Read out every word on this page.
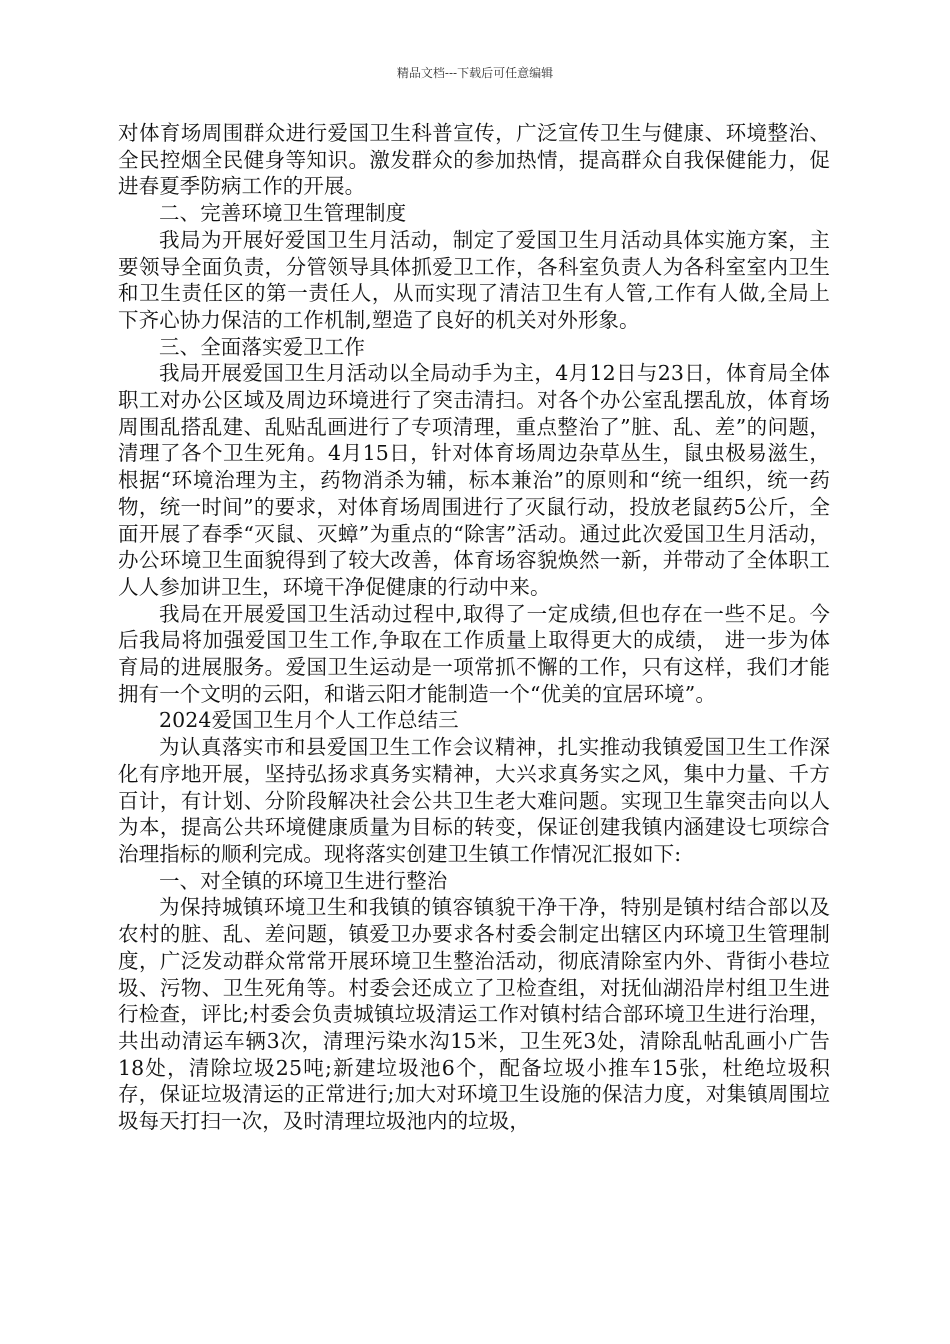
精品文档---下载后可任意编辑

对体育场周围群众进行爱国卫生科普宣传，广泛宣传卫生与健康、环境整治、全民控烟全民健身等知识。激发群众的参加热情，提高群众自我保健能力，促进春夏季防病工作的开展。

二、完善环境卫生管理制度

我局为开展好爱国卫生月活动，制定了爱国卫生月活动具体实施方案，主要领导全面负责，分管领导具体抓爱卫工作，各科室负责人为各科室室内卫生和卫生责任区的第一责任人，从而实现了清洁卫生有人管,工作有人做,全局上下齐心协力保洁的工作机制,塑造了良好的机关对外形象。

三、全面落实爱卫工作

我局开展爱国卫生月活动以全局动手为主，4月12日与23日，体育局全体职工对办公区域及周边环境进行了突击清扫。对各个办公室乱摆乱放，体育场周围乱搭乱建、乱贴乱画进行了专项清理，重点整治了”脏、乱、差”的问题，清理了各个卫生死角。4月15日，针对体育场周边杂草丛生，鼠虫极易滋生，根据“环境治理为主，药物消杀为辅，标本兼治”的原则和“统一组织，统一药物，统一时间”的要求，对体育场周围进行了灭鼠行动，投放老鼠药5公斤，全面开展了春季“灭鼠、灭蟑”为重点的“除害”活动。通过此次爱国卫生月活动，办公环境卫生面貌得到了较大改善，体育场容貌焕然一新，并带动了全体职工人人参加讲卫生，环境干净促健康的行动中来。

我局在开展爱国卫生活动过程中,取得了一定成绩,但也存在一些不足。今后我局将加强爱国卫生工作,争取在工作质量上取得更大的成绩， 进一步为体育局的进展服务。爱国卫生运动是一项常抓不懈的工作，只有这样，我们才能拥有一个文明的云阳，和谐云阳才能制造一个“优美的宜居环境”。

2024爱国卫生月个人工作总结三

为认真落实市和县爱国卫生工作会议精神，扎实推动我镇爱国卫生工作深化有序地开展，坚持弘扬求真务实精神，大兴求真务实之风，集中力量、千方百计，有计划、分阶段解决社会公共卫生老大难问题。实现卫生靠突击向以人为本，提高公共环境健康质量为目标的转变，保证创建我镇内涵建设七项综合治理指标的顺利完成。现将落实创建卫生镇工作情况汇报如下:

一、对全镇的环境卫生进行整治

为保持城镇环境卫生和我镇的镇容镇貌干净干净，特别是镇村结合部以及农村的脏、乱、差问题，镇爱卫办要求各村委会制定出辖区内环境卫生管理制度，广泛发动群众常常开展环境卫生整治活动，彻底清除室内外、背街小巷垃圾、污物、卫生死角等。村委会还成立了卫检查组，对抚仙湖沿岸村组卫生进行检查，评比;村委会负责城镇垃圾清运工作对镇村结合部环境卫生进行治理，共出动清运车辆3次，清理污染水沟15米，卫生死3处，清除乱帖乱画小广告18处，清除垃圾25吨;新建垃圾池6个，配备垃圾小推车15张，杜绝垃圾积存，保证垃圾清运的正常进行;加大对环境卫生设施的保洁力度，对集镇周围垃圾每天打扫一次，及时清理垃圾池内的垃圾，
